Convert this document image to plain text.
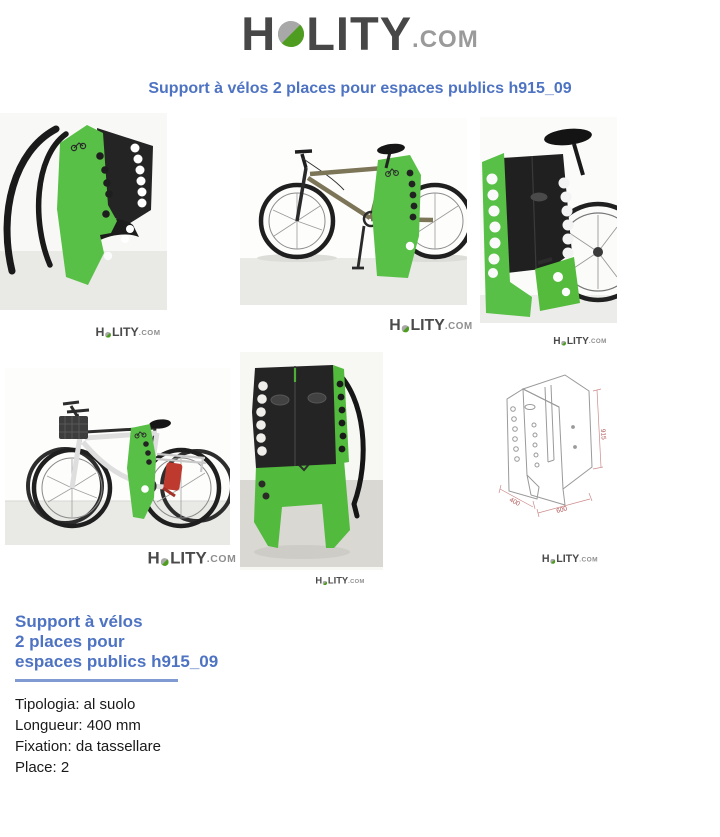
H LITY .COM
Support à vélos 2 places pour espaces publics h915_09
915
400
600
H LITY .COM	H LITY .COM
H LITY .COM
H LITY .COM
H LITY .COM
H LITY .COM
Support à vélos
2 places pour
espaces publics h915_09
Tipologia: al suolo
Longueur: 400 mm
Fixation: da tassellare
Place: 2
